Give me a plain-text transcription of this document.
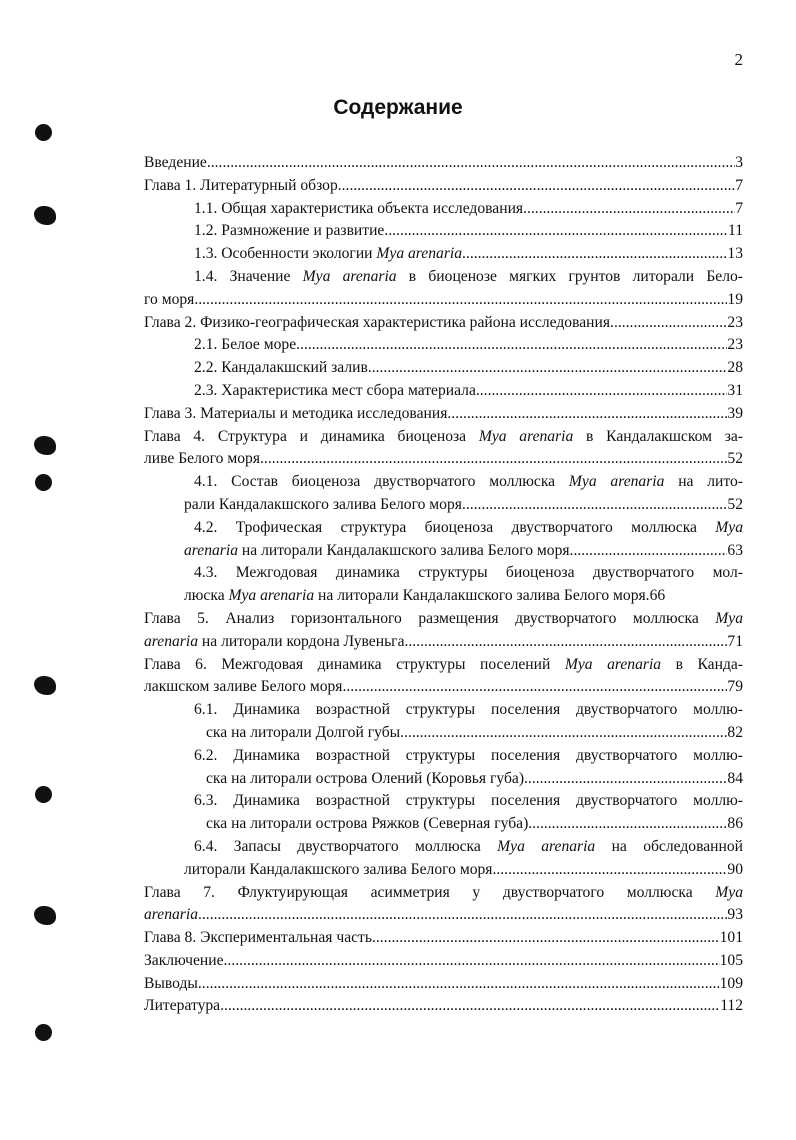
2
Содержание
Введение .....	3
Глава 1. Литературный обзор .....	7
1.1. Общая характеристика объекта исследования .....	7
1.2. Размножение и развитие .....	11
1.3. Особенности экологии Mya arenaria .....	13
1.4. Значение Mya arenaria в биоценозе мягких грунтов литорали Бело-
го моря .....	19
Глава 2. Физико-географическая характеристика района исследования .....	23
2.1. Белое море .....	23
2.2. Кандалакшский залив .....	28
2.3. Характеристика мест сбора материала .....	31
Глава 3. Материалы и методика исследования .....	39
Глава 4. Структура и динамика биоценоза Mya arenaria в Кандалакшском за-
ливе Белого моря .....	52
4.1. Состав биоценоза двустворчатого моллюска Mya arenaria на лито-
рали Кандалакшского залива Белого моря .....	52
4.2. Трофическая структура биоценоза двустворчатого моллюска Mya
arenaria на литорали Кандалакшского залива Белого моря .....	63
4.3. Межгодовая динамика структуры биоценоза двустворчатого мол-
люска Mya arenaria на литорали Кандалакшского залива Белого моря. 66
Глава 5. Анализ горизонтального размещения двустворчатого моллюска Mya
arenaria на литорали кордона Лувеньга .....	71
Глава 6. Межгодовая динамика структуры поселений Mya arenaria в Канда-
лакшском заливе Белого моря .....	79
6.1. Динамика возрастной структуры поселения двустворчатого моллю-
ска на литорали Долгой губы .....	82
6.2. Динамика возрастной структуры поселения двустворчатого моллю-
ска на литорали острова Олений (Коровья губа) .....	84
6.3. Динамика возрастной структуры поселения двустворчатого моллю-
ска на литорали острова Ряжков (Северная губа) .....	86
6.4. Запасы двустворчатого моллюска Mya arenaria на обследованной
литорали Кандалакшского залива Белого моря .....	90
Глава 7. Флуктуирующая асимметрия у двустворчатого моллюска Mya
arenaria .....	93
Глава 8. Экспериментальная часть .....	101
Заключение .....	105
Выводы .....	109
Литература .....	112
